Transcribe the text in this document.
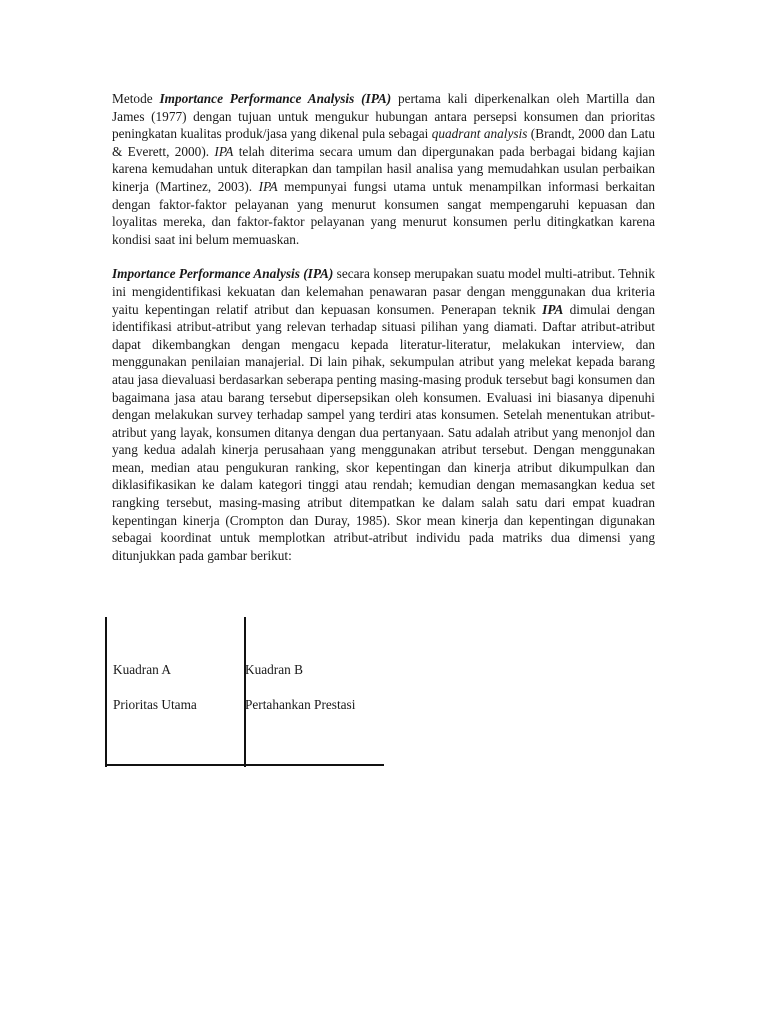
Metode Importance Performance Analysis (IPA) pertama kali diperkenalkan oleh Martilla dan James (1977) dengan tujuan untuk mengukur hubungan antara persepsi konsumen dan prioritas peningkatan kualitas produk/jasa yang dikenal pula sebagai quadrant analysis (Brandt, 2000 dan Latu & Everett, 2000). IPA telah diterima secara umum dan dipergunakan pada berbagai bidang kajian karena kemudahan untuk diterapkan dan tampilan hasil analisa yang memudahkan usulan perbaikan kinerja (Martinez, 2003). IPA mempunyai fungsi utama untuk menampilkan informasi berkaitan dengan faktor-faktor pelayanan yang menurut konsumen sangat mempengaruhi kepuasan dan loyalitas mereka, dan faktor-faktor pelayanan yang menurut konsumen perlu ditingkatkan karena kondisi saat ini belum memuaskan.

Importance Performance Analysis (IPA) secara konsep merupakan suatu model multi-atribut. Tehnik ini mengidentifikasi kekuatan dan kelemahan penawaran pasar dengan menggunakan dua kriteria yaitu kepentingan relatif atribut dan kepuasan konsumen. Penerapan teknik IPA dimulai dengan identifikasi atribut-atribut yang relevan terhadap situasi pilihan yang diamati. Daftar atribut-atribut dapat dikembangkan dengan mengacu kepada literatur-literatur, melakukan interview, dan menggunakan penilaian manajerial. Di lain pihak, sekumpulan atribut yang melekat kepada barang atau jasa dievaluasi berdasarkan seberapa penting masing-masing produk tersebut bagi konsumen dan bagaimana jasa atau barang tersebut dipersepsikan oleh konsumen. Evaluasi ini biasanya dipenuhi dengan melakukan survey terhadap sampel yang terdiri atas konsumen. Setelah menentukan atribut-atribut yang layak, konsumen ditanya dengan dua pertanyaan. Satu adalah atribut yang menonjol dan yang kedua adalah kinerja perusahaan yang menggunakan atribut tersebut. Dengan menggunakan mean, median atau pengukuran ranking, skor kepentingan dan kinerja atribut dikumpulkan dan diklasifikasikan ke dalam kategori tinggi atau rendah; kemudian dengan memasangkan kedua set rangking tersebut, masing-masing atribut ditempatkan ke dalam salah satu dari empat kuadran kepentingan kinerja (Crompton dan Duray, 1985). Skor mean kinerja dan kepentingan digunakan sebagai koordinat untuk memplotkan atribut-atribut individu pada matriks dua dimensi yang ditunjukkan pada gambar berikut:

Kuadran A
Prioritas Utama
Kuadran B
Pertahankan Prestasi
